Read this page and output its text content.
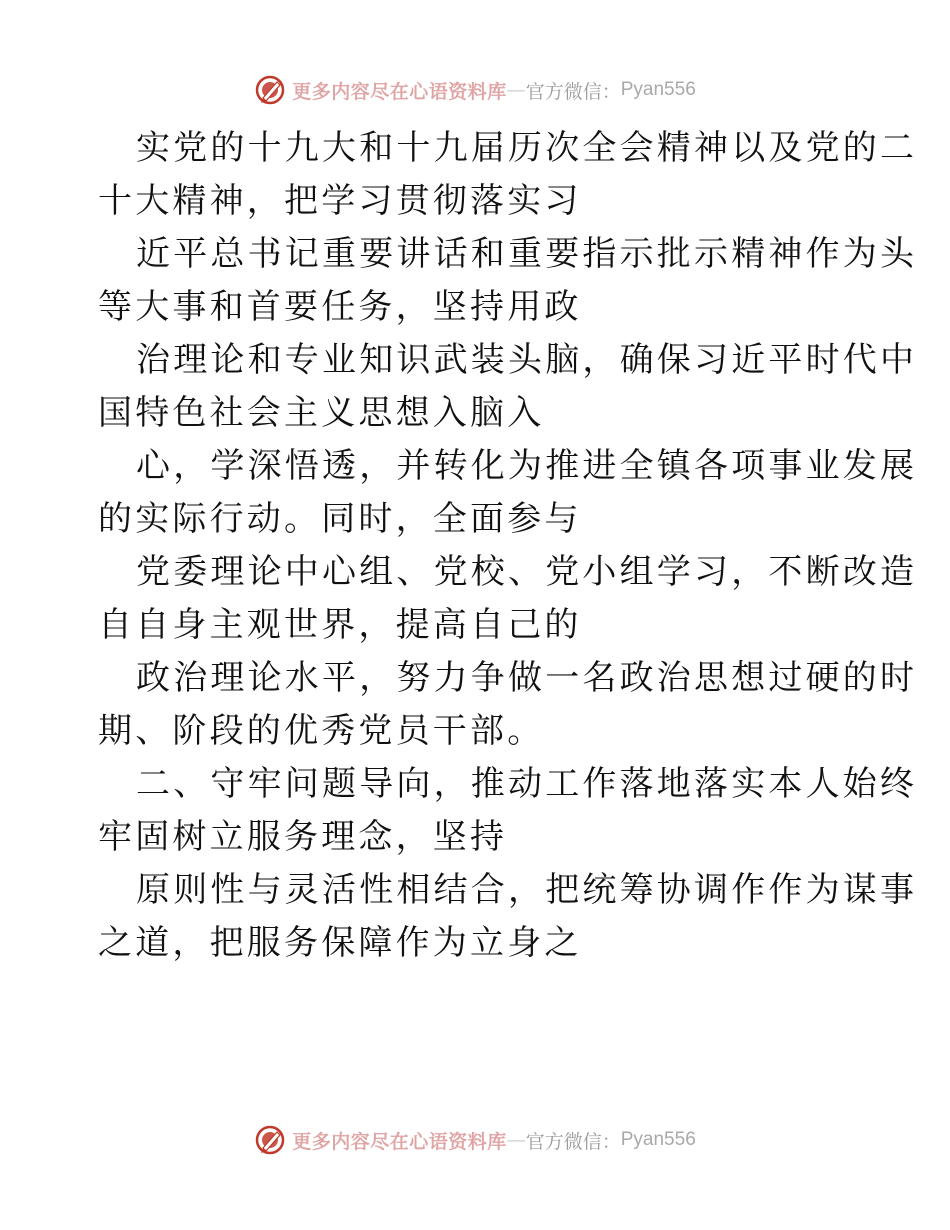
更多内容尽在心语资料库 — 官方微信： Pyan556

实党的十九大和十九届历次全会精神以及党的二
十大精神，把学习贯彻落实习

近平总书记重要讲话和重要指示批示精神作为头
等大事和首要任务，坚持用政

治理论和专业知识武装头脑，确保习近平时代中
国特色社会主义思想入脑入

心，学深悟透，并转化为推进全镇各项事业发展
的实际行动。同时，全面参与

党委理论中心组、党校、党小组学习，不断改造
自自身主观世界，提高自己的

政治理论水平，努力争做一名政治思想过硬的时
期、阶段的优秀党员干部。

二、守牢问题导向，推动工作落地落实本人始终
牢固树立服务理念，坚持

原则性与灵活性相结合，把统筹协调作作为谋事
之道，把服务保障作为立身之

更多内容尽在心语资料库 — 官方微信： Pyan556
